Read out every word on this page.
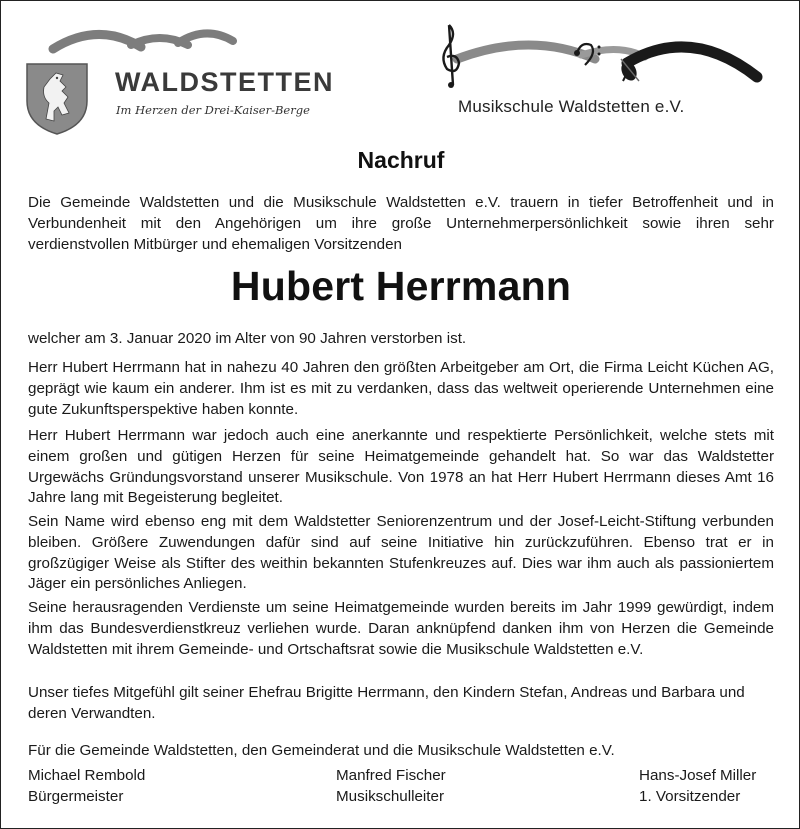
WALDSTETTEN
Im Herzen der Drei-Kaiser-Berge	Musikschule Waldstetten e.V.
Nachruf

Die Gemeinde Waldstetten und die Musikschule Waldstetten e.V. trauern in tiefer Betroffenheit und in Verbundenheit mit den Angehörigen um ihre große Unternehmerpersönlichkeit sowie ihren sehr verdienstvollen Mitbürger und ehemaligen Vorsitzenden

Hubert Herrmann

welcher am 3. Januar 2020 im Alter von 90 Jahren verstorben ist.

Herr Hubert Herrmann hat in nahezu 40 Jahren den größten Arbeitgeber am Ort, die Firma Leicht Küchen AG, geprägt wie kaum ein anderer. Ihm ist es mit zu verdanken, dass das weltweit operierende Unternehmen eine gute Zukunftsperspektive haben konnte.

Herr Hubert Herrmann war jedoch auch eine anerkannte und respektierte Persönlichkeit, welche stets mit einem großen und gütigen Herzen für seine Heimatgemeinde gehandelt hat. So war das Waldstetter Urgewächs Gründungsvorstand unserer Musikschule. Von 1978 an hat Herr Hubert Herrmann dieses Amt 16 Jahre lang mit Begeisterung begleitet.

Sein Name wird ebenso eng mit dem Waldstetter Seniorenzentrum und der Josef-Leicht-Stiftung verbunden bleiben. Größere Zuwendungen dafür sind auf seine Initiative hin zurückzuführen. Ebenso trat er in großzügiger Weise als Stifter des weithin bekannten Stufenkreuzes auf. Dies war ihm auch als passioniertem Jäger ein persönliches Anliegen.

Seine herausragenden Verdienste um seine Heimatgemeinde wurden bereits im Jahr 1999 gewürdigt, indem ihm das Bundesverdienstkreuz verliehen wurde. Daran anknüpfend danken ihm von Herzen die Gemeinde Waldstetten mit ihrem Gemeinde- und Ortschaftsrat sowie die Musikschule Waldstetten e.V.

Unser tiefes Mitgefühl gilt seiner Ehefrau Brigitte Herrmann, den Kindern Stefan, Andreas und Barbara und deren Verwandten.

Für die Gemeinde Waldstetten, den Gemeinderat und die Musikschule Waldstetten e.V.

Michael Rembold
Bürgermeister
Manfred Fischer
Musikschulleiter
Hans-Josef Miller
1. Vorsitzender
